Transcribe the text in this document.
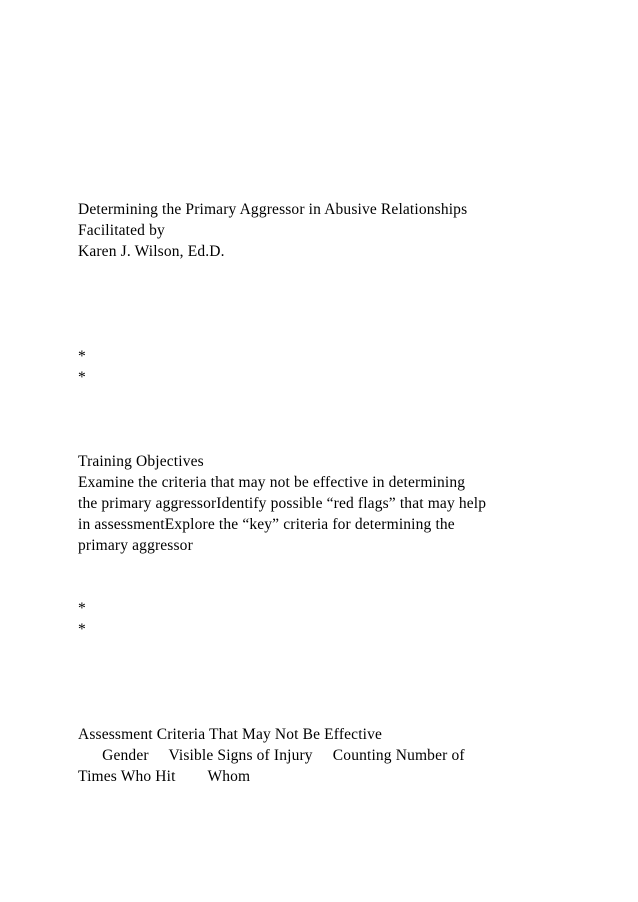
Determining the Primary Aggressor in Abusive Relationships
Facilitated by
Karen J. Wilson, Ed.D.
*
*
Training Objectives
Examine the criteria that may not be effective in determining
the primary aggressorIdentify possible “red flags” that may help
in assessmentExplore the “key” criteria for determining the
primary aggressor
*
*
Assessment Criteria That May Not Be Effective
Gender     Visible Signs of Injury     Counting Number of
Times Who Hit        Whom
